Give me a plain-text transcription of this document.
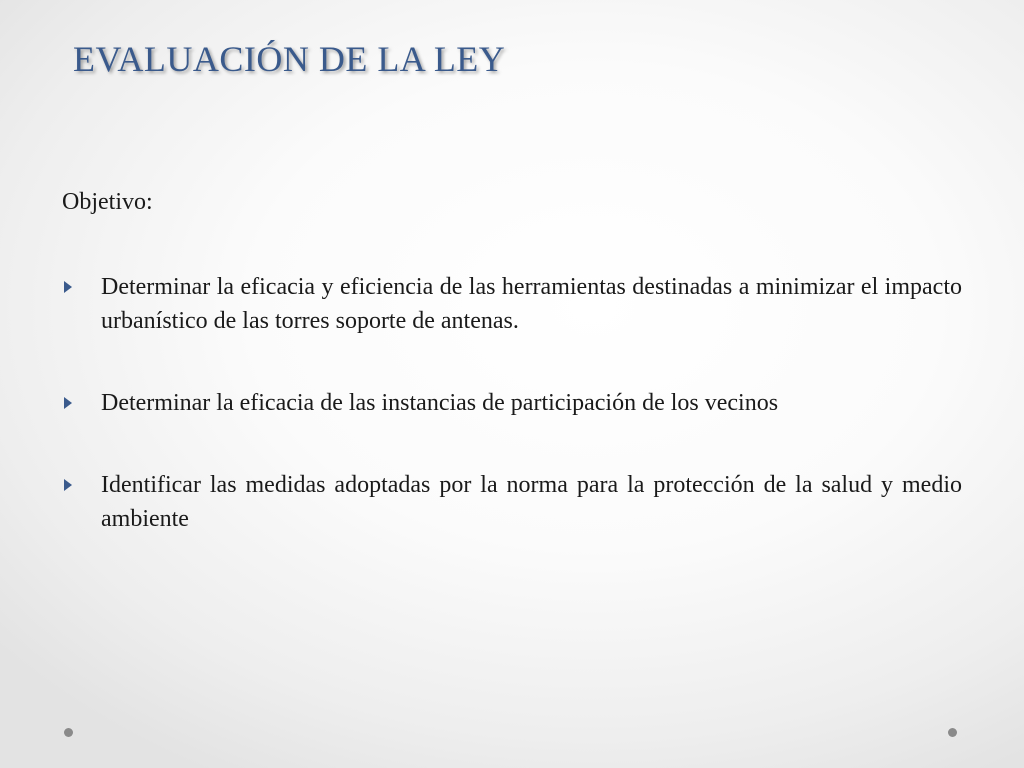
EVALUACIÓN DE LA LEY

Objetivo:

Determinar la eficacia y eficiencia de las herramientas destinadas a minimizar el impacto urbanístico de las torres soporte de antenas.
Determinar la eficacia de las instancias de participación de los vecinos
Identificar las medidas adoptadas por la norma para la protección de la salud y medio ambiente
